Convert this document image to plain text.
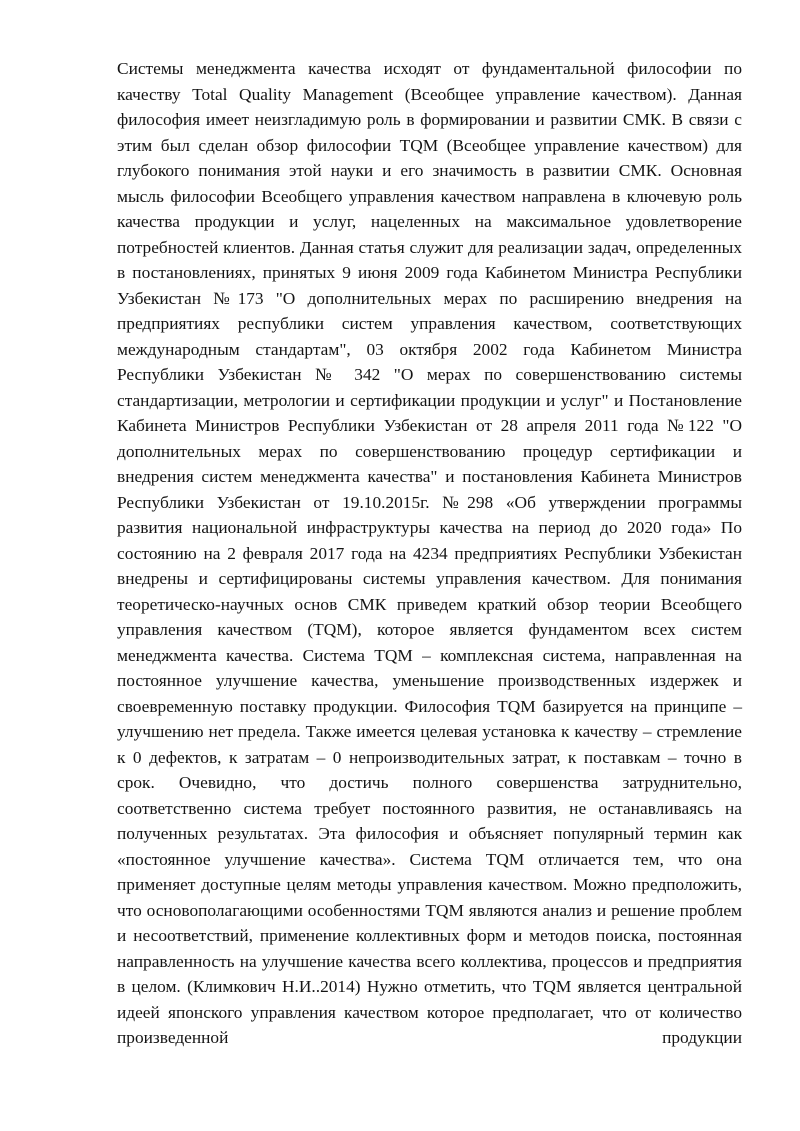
Системы менеджмента качества исходят от фундаментальной философии по качеству Total Quality Management (Всеобщее управление качеством). Данная философия имеет неизгладимую роль в формировании и развитии СМК. В связи с этим был сделан обзор философии TQM (Всеобщее управление качеством) для глубокого понимания этой науки и его значимость в развитии СМК. Основная мысль философии Всеобщего управления качеством направлена в ключевую роль качества продукции и услуг, нацеленных на максимальное удовлетворение потребностей клиентов. Данная статья служит для реализации задач, определенных в постановлениях, принятых 9 июня 2009 года Кабинетом Министра Республики Узбекистан №173 "О дополнительных мерах по расширению внедрения на предприятиях республики систем управления качеством, соответствующих международным стандартам", 03 октября 2002 года Кабинетом Министра Республики Узбекистан № 342 "О мерах по совершенствованию системы стандартизации, метрологии и сертификации продукции и услуг" и Постановление Кабинета Министров Республики Узбекистан от 28 апреля 2011 года №122 "О дополнительных мерах по совершенствованию процедур сертификации и внедрения систем менеджмента качества" и постановления Кабинета Министров Республики Узбекистан от 19.10.2015г. №298 «Об утверждении программы развития национальной инфраструктуры качества на период до 2020 года» По состоянию на 2 февраля 2017 года на 4234 предприятиях Республики Узбекистан внедрены и сертифицированы системы управления качеством. Для понимания теоретическо-научных основ СМК приведем краткий обзор теории Всеобщего управления качеством (TQM), которое является фундаментом всех систем менеджмента качества. Система TQM – комплексная система, направленная на постоянное улучшение качества, уменьшение производственных издержек и своевременную поставку продукции. Философия TQM базируется на принципе – улучшению нет предела. Также имеется целевая установка к качеству – стремление к 0 дефектов, к затратам – 0 непроизводительных затрат, к поставкам – точно в срок. Очевидно, что достичь полного совершенства затруднительно, соответственно система требует постоянного развития, не останавливаясь на полученных результатах. Эта философия и объясняет популярный термин как «постоянное улучшение качества». Система TQM отличается тем, что она применяет доступные целям методы управления качеством. Можно предположить, что основополагающими особенностями TQM являются анализ и решение проблем и несоответствий, применение коллективных форм и методов поиска, постоянная направленность на улучшение качества всего коллектива, процессов и предприятия в целом. (Климкович Н.И..2014) Нужно отметить, что TQM является центральной идеей японского управления качеством которое предполагает, что от количество произведенной продукции
